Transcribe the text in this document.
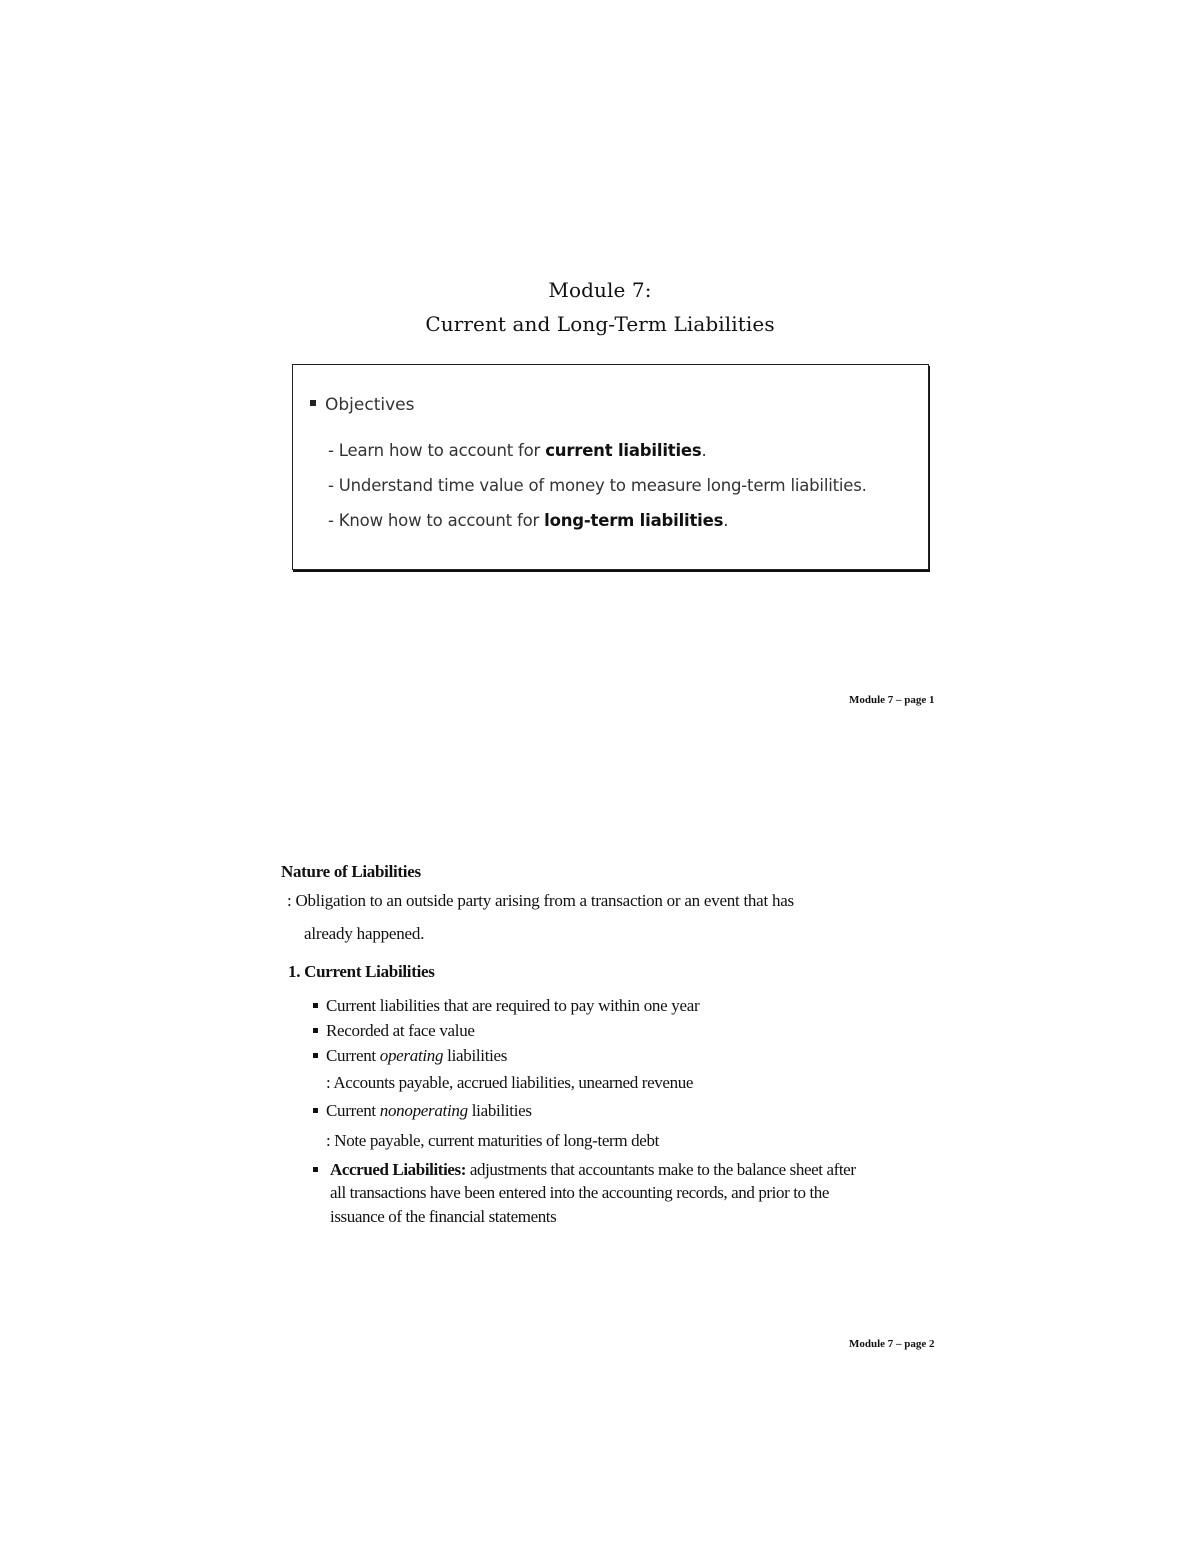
Module 7:
Current and Long-Term Liabilities
Objectives
- Learn how to account for current liabilities.
- Understand time value of money to measure long-term liabilities.
- Know how to account for long-term liabilities.
Module 7 – page 1
Nature of Liabilities
: Obligation to an outside party arising from a transaction or an event that has
already happened.
1. Current Liabilities
Current liabilities that are required to pay within one year
Recorded at face value
Current operating liabilities
: Accounts payable, accrued liabilities, unearned revenue
Current nonoperating liabilities
: Note payable, current maturities of long-term debt
Accrued Liabilities: adjustments that accountants make to the balance sheet after
all transactions have been entered into the accounting records, and prior to the
issuance of the financial statements
Module 7 – page 2
